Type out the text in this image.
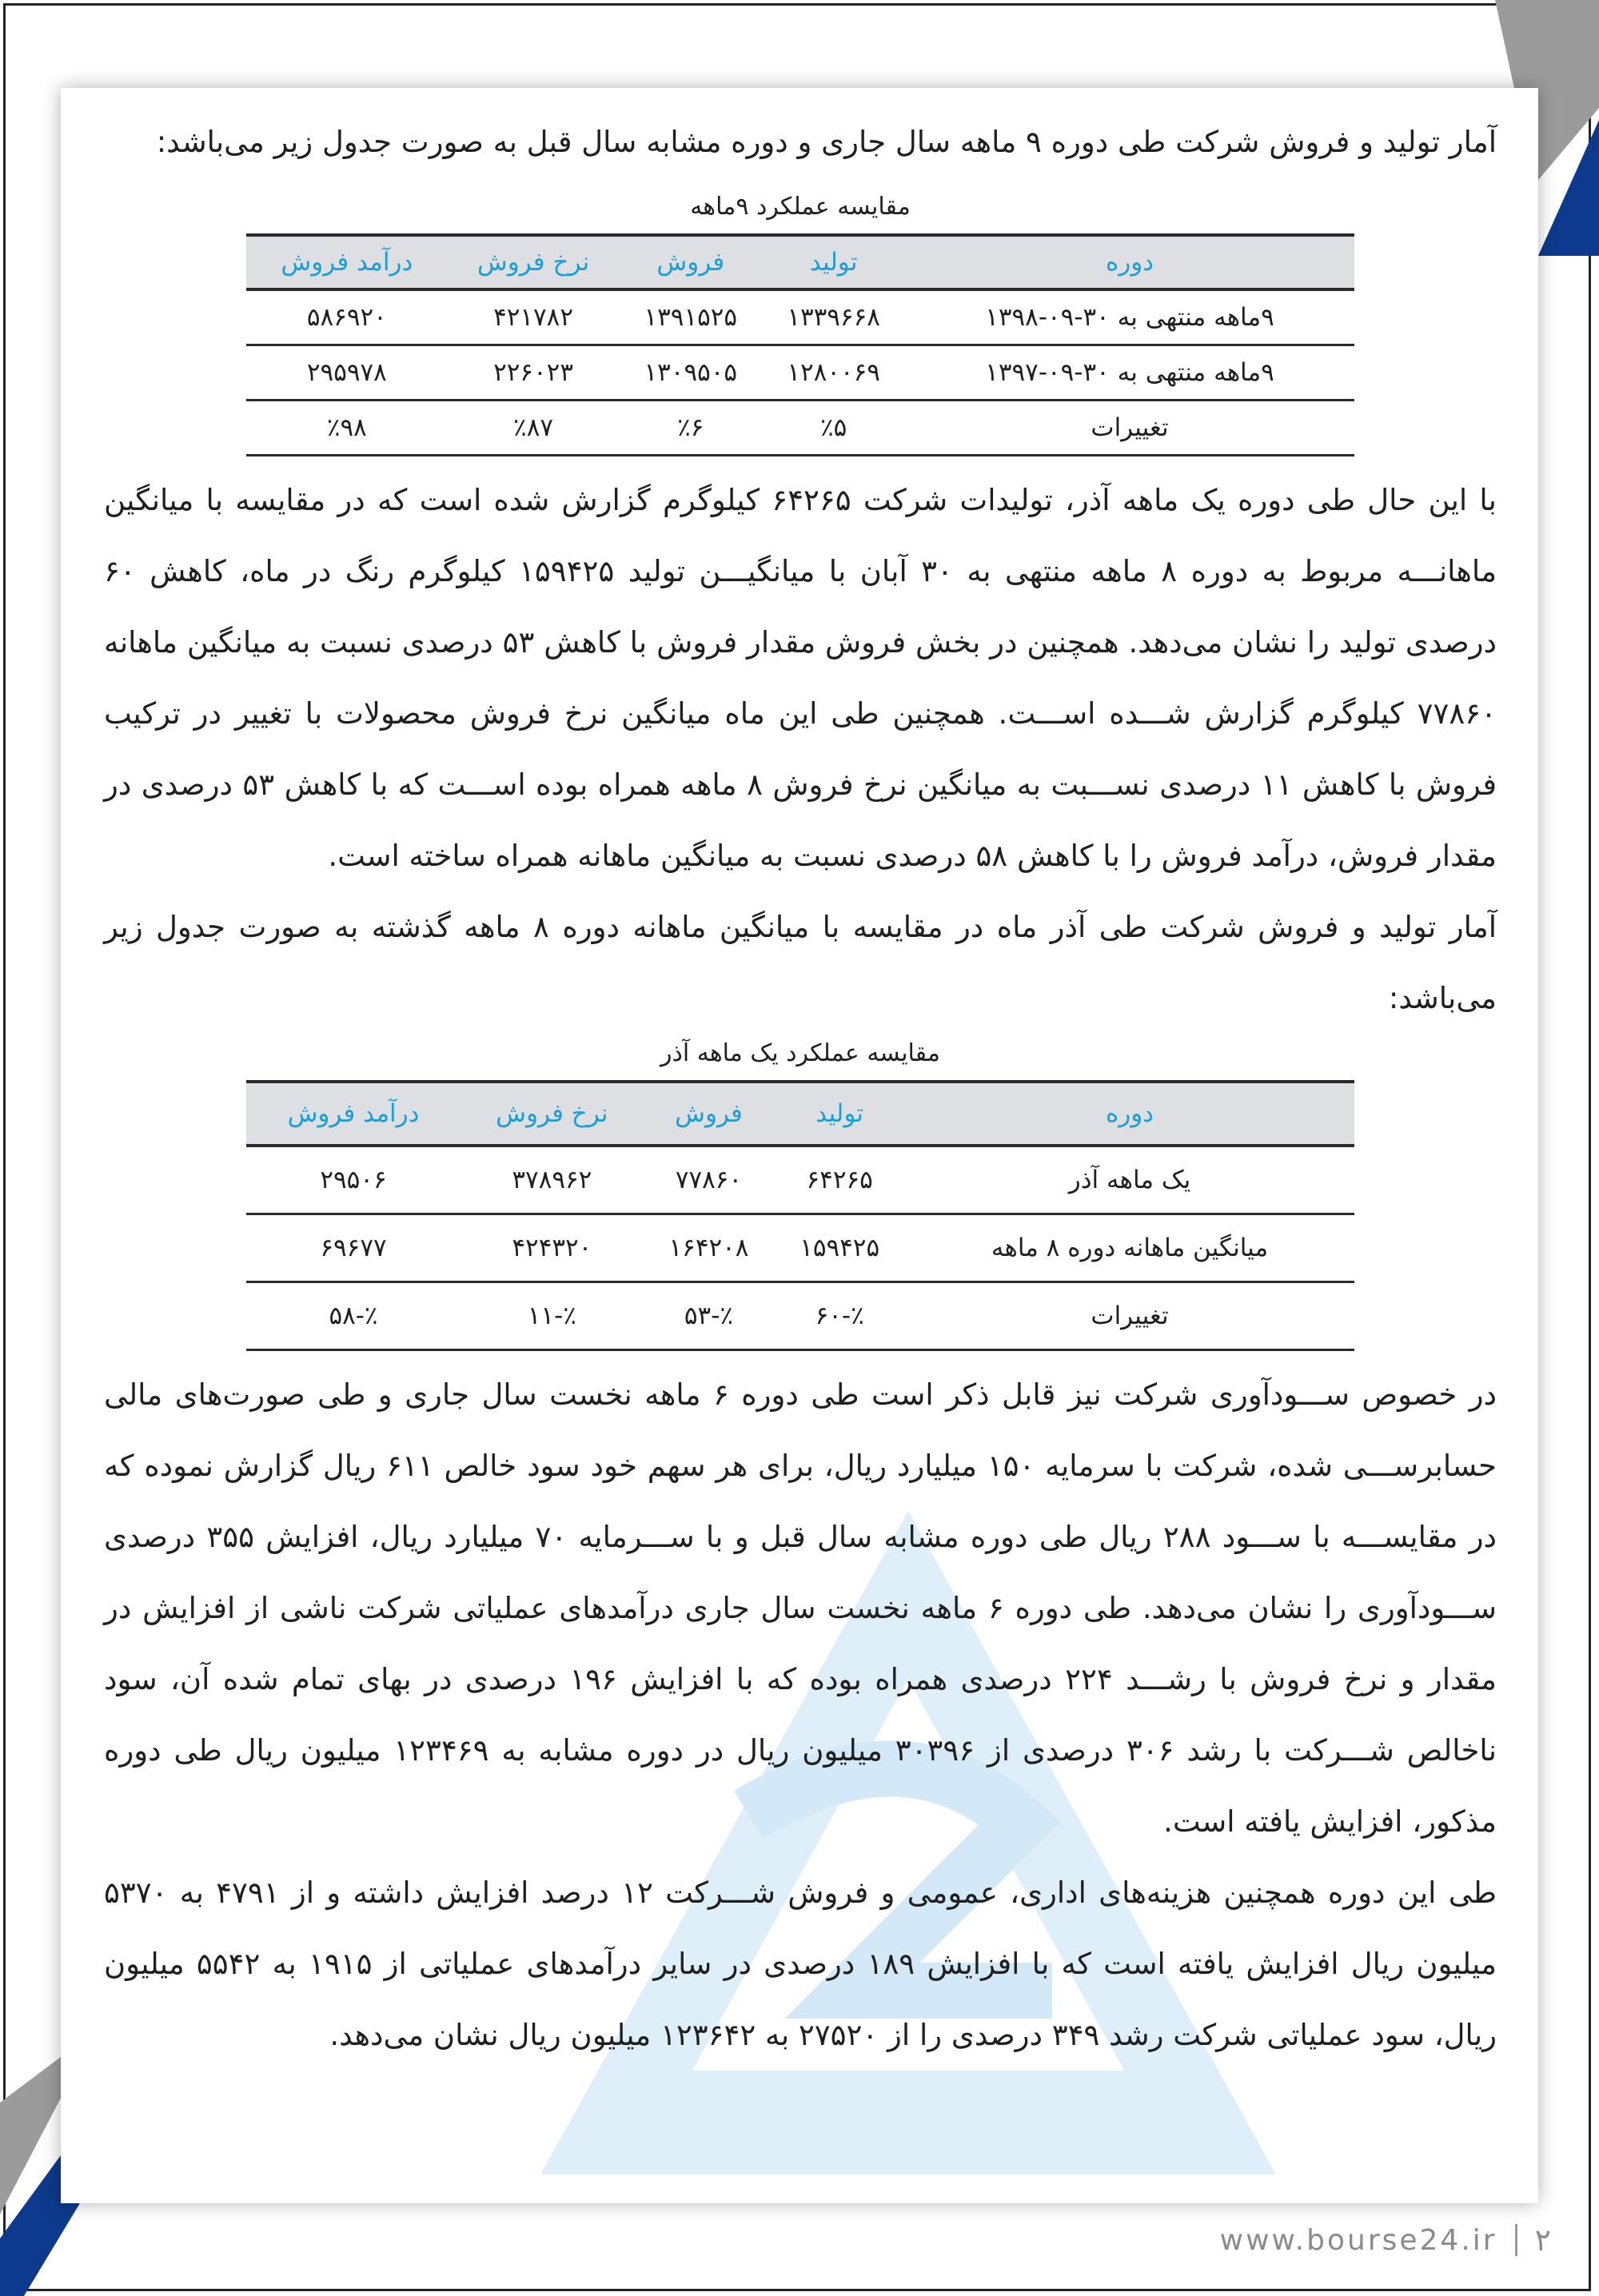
آمار تولید و فروش شرکت طی دوره ۹ ماهه سال جاری و دوره مشابه سال قبل به صورت جدول زیر می‌باشد:

مقایسه عملکرد ۹ماهه

دوره	تولید	فروش	نرخ فروش	درآمد فروش
۹ماهه منتهی به ۳۰-۰۹-۱۳۹۸	۱۳۳۹۶۶۸	۱۳۹۱۵۲۵	۴۲۱۷۸۲	۵۸۶۹۲۰
۹ماهه منتهی به ۳۰-۰۹-۱۳۹۷	۱۲۸۰۰۶۹	۱۳۰۹۵۰۵	۲۲۶۰۲۳	۲۹۵۹۷۸
تغییرات	٪۵	٪۶	٪۸۷	٪۹۸

با این حال طی دوره یک ماهه آذر، تولیدات شرکت ۶۴۲۶۵ کیلوگرم گزارش شده است که در مقایسه با میانگین ماهانـــه مربوط به دوره ۸ ماهه منتهی به ۳۰ آبان با میانگیـــن تولید ۱۵۹۴۲۵ کیلوگرم رنگ در ماه، کاهش ۶۰ درصدی تولید را نشان می‌دهد. همچنین در بخش فروش مقدار فروش با کاهش ۵۳ درصدی نسبت به میانگین ماهانه ۷۷۸۶۰ کیلوگرم گزارش شـــده اســـت. همچنین طی این ماه میانگین نرخ فروش محصولات با تغییر در ترکیب فروش با کاهش ۱۱ درصدی نســـبت به میانگین نرخ فروش ۸ ماهه همراه بوده اســـت که با کاهش ۵۳ درصدی در مقدار فروش، درآمد فروش را با کاهش ۵۸ درصدی نسبت به میانگین ماهانه همراه ساخته است.

آمار تولید و فروش شرکت طی آذر ماه در مقایسه با میانگین ماهانه دوره ۸ ماهه گذشته به صورت جدول زیر می‌باشد:

مقایسه عملکرد یک ماهه آذر

دوره	تولید	فروش	نرخ فروش	درآمد فروش
یک ماهه آذر	۶۴۲۶۵	۷۷۸۶۰	۳۷۸۹۶۲	۲۹۵۰۶
میانگین ماهانه دوره ۸ ماهه	۱۵۹۴۲۵	۱۶۴۲۰۸	۴۲۴۳۲۰	۶۹۶۷۷
تغییرات	٪-۶۰	٪-۵۳	٪-۱۱	٪-۵۸

در خصوص ســـودآوری شرکت نیز قابل ذکر است طی دوره ۶ ماهه نخست سال جاری و طی صورت‌های مالی حسابرســـی شده، شرکت با سرمایه ۱۵۰ میلیارد ریال، برای هر سهم خود سود خالص ۶۱۱ ریال گزارش نموده که در مقایســـه با ســـود ۲۸۸ ریال طی دوره مشابه سال قبل و با ســـرمایه ۷۰ میلیارد ریال، افزایش ۳۵۵ درصدی ســـودآوری را نشان می‌دهد. طی دوره ۶ ماهه نخست سال جاری درآمدهای عملیاتی شرکت ناشی از افزایش در مقدار و نرخ فروش با رشـــد ۲۲۴ درصدی همراه بوده که با افزایش ۱۹۶ درصدی در بهای تمام شده آن، سود ناخالص شـــرکت با رشد ۳۰۶ درصدی از ۳۰۳۹۶ میلیون ریال در دوره مشابه به ۱۲۳۴۶۹ میلیون ریال طی دوره مذکور، افزایش یافته است.

طی این دوره همچنین هزینه‌های اداری، عمومی و فروش شـــرکت ۱۲ درصد افزایش داشته و از ۴۷۹۱ به ۵۳۷۰ میلیون ریال افزایش یافته است که با افزایش ۱۸۹ درصدی در سایر درآمدهای عملیاتی از ۱۹۱۵ به ۵۵۴۲ میلیون ریال، سود عملیاتی شرکت رشد ۳۴۹ درصدی را از ۲۷۵۲۰ به ۱۲۳۶۴۲ میلیون ریال نشان می‌دهد.

www.bourse24.ir ۲
